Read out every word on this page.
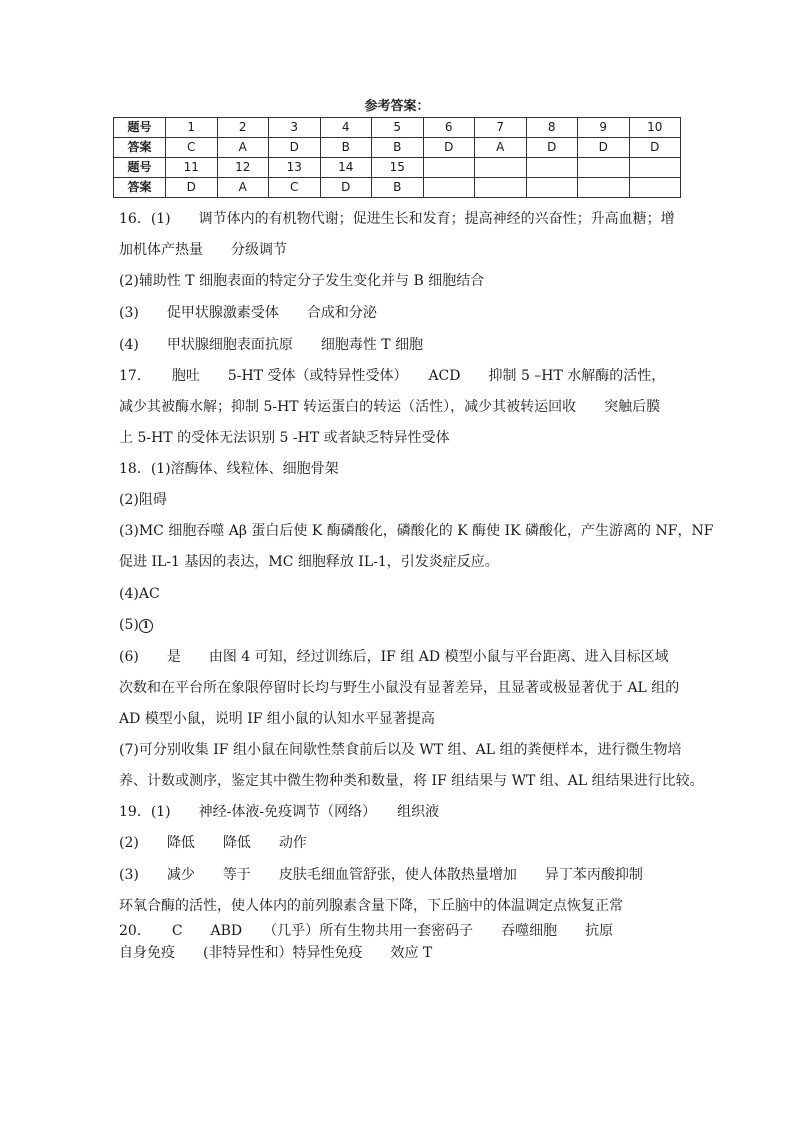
参考答案：
题号	1	2	3	4	5	6	7	8	9	10
答案	C	A	D	B	B	D	A	D	D	D
题号	11	12	13	14	15					
答案	D	A	C	D	B					
16．(1)　　调节体内的有机物代谢；促进生长和发育；提高神经的兴奋性；升高血糖；增
加机体产热量　　分级调节
(2)辅助性 T 细胞表面的特定分子发生变化并与 B 细胞结合
(3)　　促甲状腺激素受体　　合成和分泌
(4)　　甲状腺细胞表面抗原　　细胞毒性 T 细胞
17．　　胞吐　　5-HT 受体（或特异性受体）　　ACD　　抑制 5 –HT 水解酶的活性，
减少其被酶水解；抑制 5-HT 转运蛋白的转运（活性），减少其被转运回收　　突触后膜
上 5-HT 的受体无法识别 5 -HT 或者缺乏特异性受体
18．(1)溶酶体、线粒体、细胞骨架
(2)阻碍
(3)MC 细胞吞噬 Aβ 蛋白后使 K 酶磷酸化，磷酸化的 K 酶使 IK 磷酸化，产生游离的 NF，NF
促进 IL-1 基因的表达，MC 细胞释放 IL-1，引发炎症反应。
(4)AC
(5) 1
(6)　　是　　由图 4 可知，经过训练后，IF 组 AD 模型小鼠与平台距离、进入目标区域
次数和在平台所在象限停留时长均与野生小鼠没有显著差异，且显著或极显著优于 AL 组的
AD 模型小鼠，说明 IF 组小鼠的认知水平显著提高
(7)可分别收集 IF 组小鼠在间歇性禁食前后以及 WT 组、AL 组的粪便样本，进行微生物培
养、计数或测序，鉴定其中微生物种类和数量，将 IF 组结果与 WT 组、AL 组结果进行比较。
19．(1)　　神经-体液-免疫调节（网络）　　组织液
(2)　　降低　　降低　　动作
(3)　　减少　　等于　　皮肤毛细血管舒张，使人体散热量增加　　异丁苯丙酸抑制
环氧合酶的活性，使人体内的前列腺素含量下降，下丘脑中的体温调定点恢复正常
20．　　C　　ABD　　（几乎）所有生物共用一套密码子　　吞噬细胞　　抗原
自身免疫　　(非特异性和）特异性免疫　　效应 T
